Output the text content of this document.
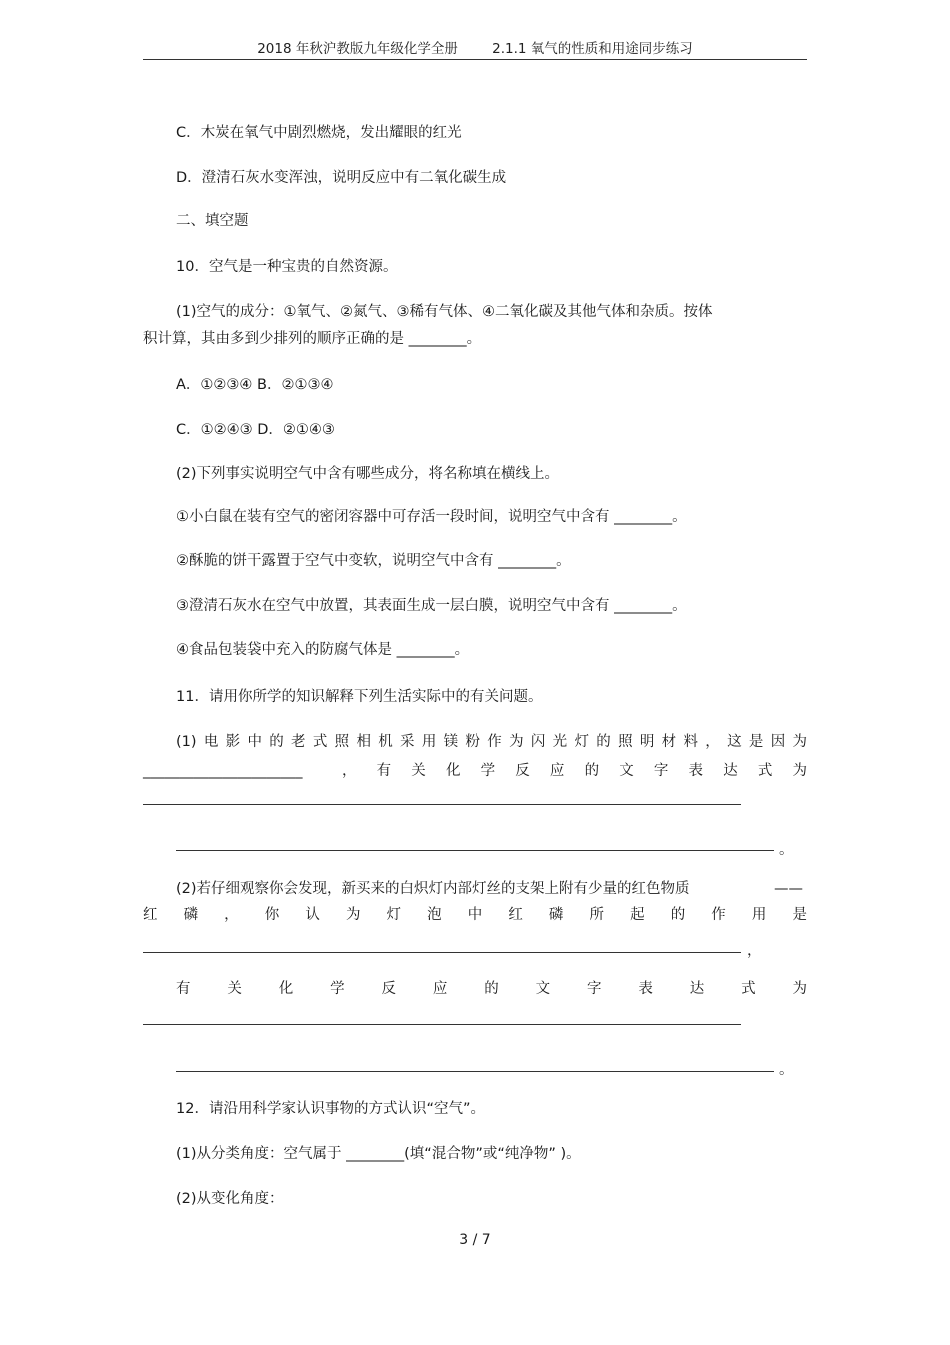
2018 年秋沪教版九年级化学全册        2.1.1 氧气的性质和用途同步练习
C．木炭在氧气中剧烈燃烧，发出耀眼的红光
D．澄清石灰水变浑浊，说明反应中有二氧化碳生成
二、填空题
10．空气是一种宝贵的自然资源。
(1)空气的成分：①氧气、②氮气、③稀有气体、④二氧化碳及其他气体和杂质。按体
积计算，其由多到少排列的顺序正确的是 ________。
A．①②③④ B．②①③④
C．①②④③ D．②①④③
(2)下列事实说明空气中含有哪些成分，将名称填在横线上。
①小白鼠在装有空气的密闭容器中可存活一段时间，说明空气中含有 ________。
②酥脆的饼干露置于空气中变软，说明空气中含有 ________。
③澄清石灰水在空气中放置，其表面生成一层白膜，说明空气中含有 ________。
④食品包装袋中充入的防腐气体是 ________。
11．请用你所学的知识解释下列生活实际中的有关问题。
(1)电影中的老式照相机采用镁粉作为闪光灯的照明材料，这是因为
______________________	，有关化学反应的文字表达式为
。
(2)若仔细观察你会发现，新买来的白炽灯内部灯丝的支架上附有少量的红色物质	——
红磷，你认为灯泡中红磷所起的作用是
，
有关化学反应的文字表达式为
。
12．请沿用科学家认识事物的方式认识“空气”。
(1)从分类角度：空气属于 ________(填“混合物”或“纯净物” )。
(2)从变化角度：
3 / 7
